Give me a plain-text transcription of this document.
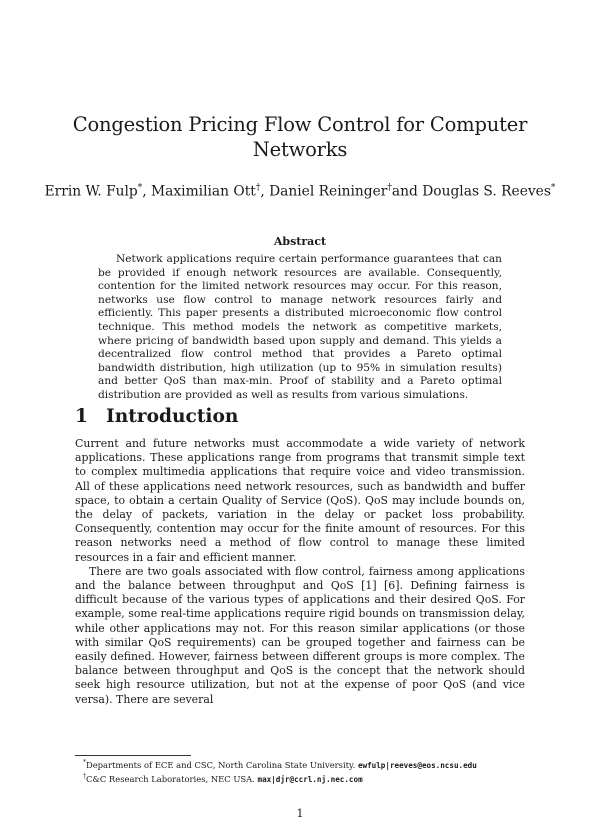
Congestion Pricing Flow Control for Computer
Networks
Errin W. Fulp*, Maximilian Ott†, Daniel Reininger†and Douglas S. Reeves*
Abstract

Network applications require certain performance guarantees that can be provided if enough network resources are available. Consequently, contention for the limited network resources may occur. For this reason, networks use flow control to manage network resources fairly and efficiently. This paper presents a distributed microeconomic flow control technique. This method models the network as competitive markets, where pricing of bandwidth based upon supply and demand. This yields a decentralized flow control method that provides a Pareto optimal bandwidth distribution, high utilization (up to 95% in simulation results) and better QoS than max-min. Proof of stability and a Pareto optimal distribution are provided as well as results from various simulations.

1 Introduction

Current and future networks must accommodate a wide variety of network applications. These applications range from programs that transmit simple text to complex multimedia applications that require voice and video transmission. All of these applications need network resources, such as bandwidth and buffer space, to obtain a certain Quality of Service (QoS). QoS may include bounds on, the delay of packets, variation in the delay or packet loss probability. Consequently, contention may occur for the finite amount of resources. For this reason networks need a method of flow control to manage these limited resources in a fair and efficient manner.

There are two goals associated with flow control, fairness among applications and the balance between throughput and QoS [1] [6]. Defining fairness is difficult because of the various types of applications and their desired QoS. For example, some real-time applications require rigid bounds on transmission delay, while other applications may not. For this reason similar applications (or those with similar QoS requirements) can be grouped together and fairness can be easily defined. However, fairness between different groups is more complex. The balance between throughput and QoS is the concept that the network should seek high resource utilization, but not at the expense of poor QoS (and vice versa). There are several

*Departments of ECE and CSC, North Carolina State University. ewfulp|reeves@eos.ncsu.edu
†C&C Research Laboratories, NEC USA. max|djr@ccrl.nj.nec.com
1
